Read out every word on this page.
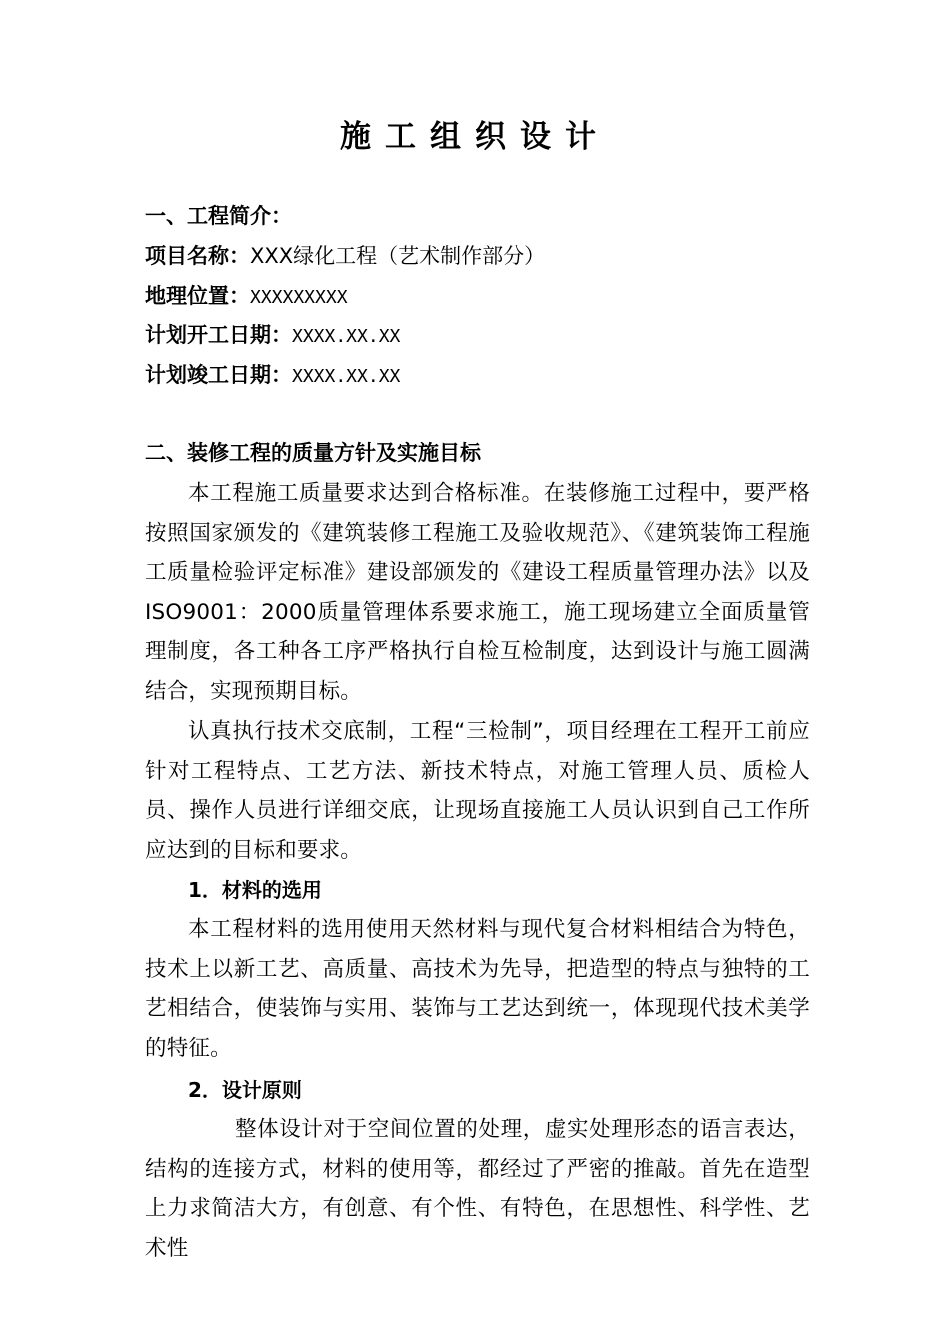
施工组织设计
一、工程简介：
项目名称：XXX绿化工程（艺术制作部分）
地理位置：XXXXXXXXX
计划开工日期：XXXX.XX.XX
计划竣工日期：XXXX.XX.XX
二、装修工程的质量方针及实施目标
本工程施工质量要求达到合格标准。在装修施工过程中，要严格按照国家颁发的《建筑装修工程施工及验收规范》、《建筑装饰工程施工质量检验评定标准》建设部颁发的《建设工程质量管理办法》以及ISO9001：2000质量管理体系要求施工，施工现场建立全面质量管理制度，各工种各工序严格执行自检互检制度，达到设计与施工圆满结合，实现预期目标。
认真执行技术交底制，工程“三检制”，项目经理在工程开工前应针对工程特点、工艺方法、新技术特点，对施工管理人员、质检人员、操作人员进行详细交底，让现场直接施工人员认识到自己工作所应达到的目标和要求。
1．材料的选用
本工程材料的选用使用天然材料与现代复合材料相结合为特色，技术上以新工艺、高质量、高技术为先导，把造型的特点与独特的工艺相结合，使装饰与实用、装饰与工艺达到统一，体现现代技术美学的特征。
2．设计原则
整体设计对于空间位置的处理，虚实处理形态的语言表达，结构的连接方式，材料的使用等，都经过了严密的推敲。首先在造型上力求简洁大方，有创意、有个性、有特色，在思想性、科学性、艺术性
